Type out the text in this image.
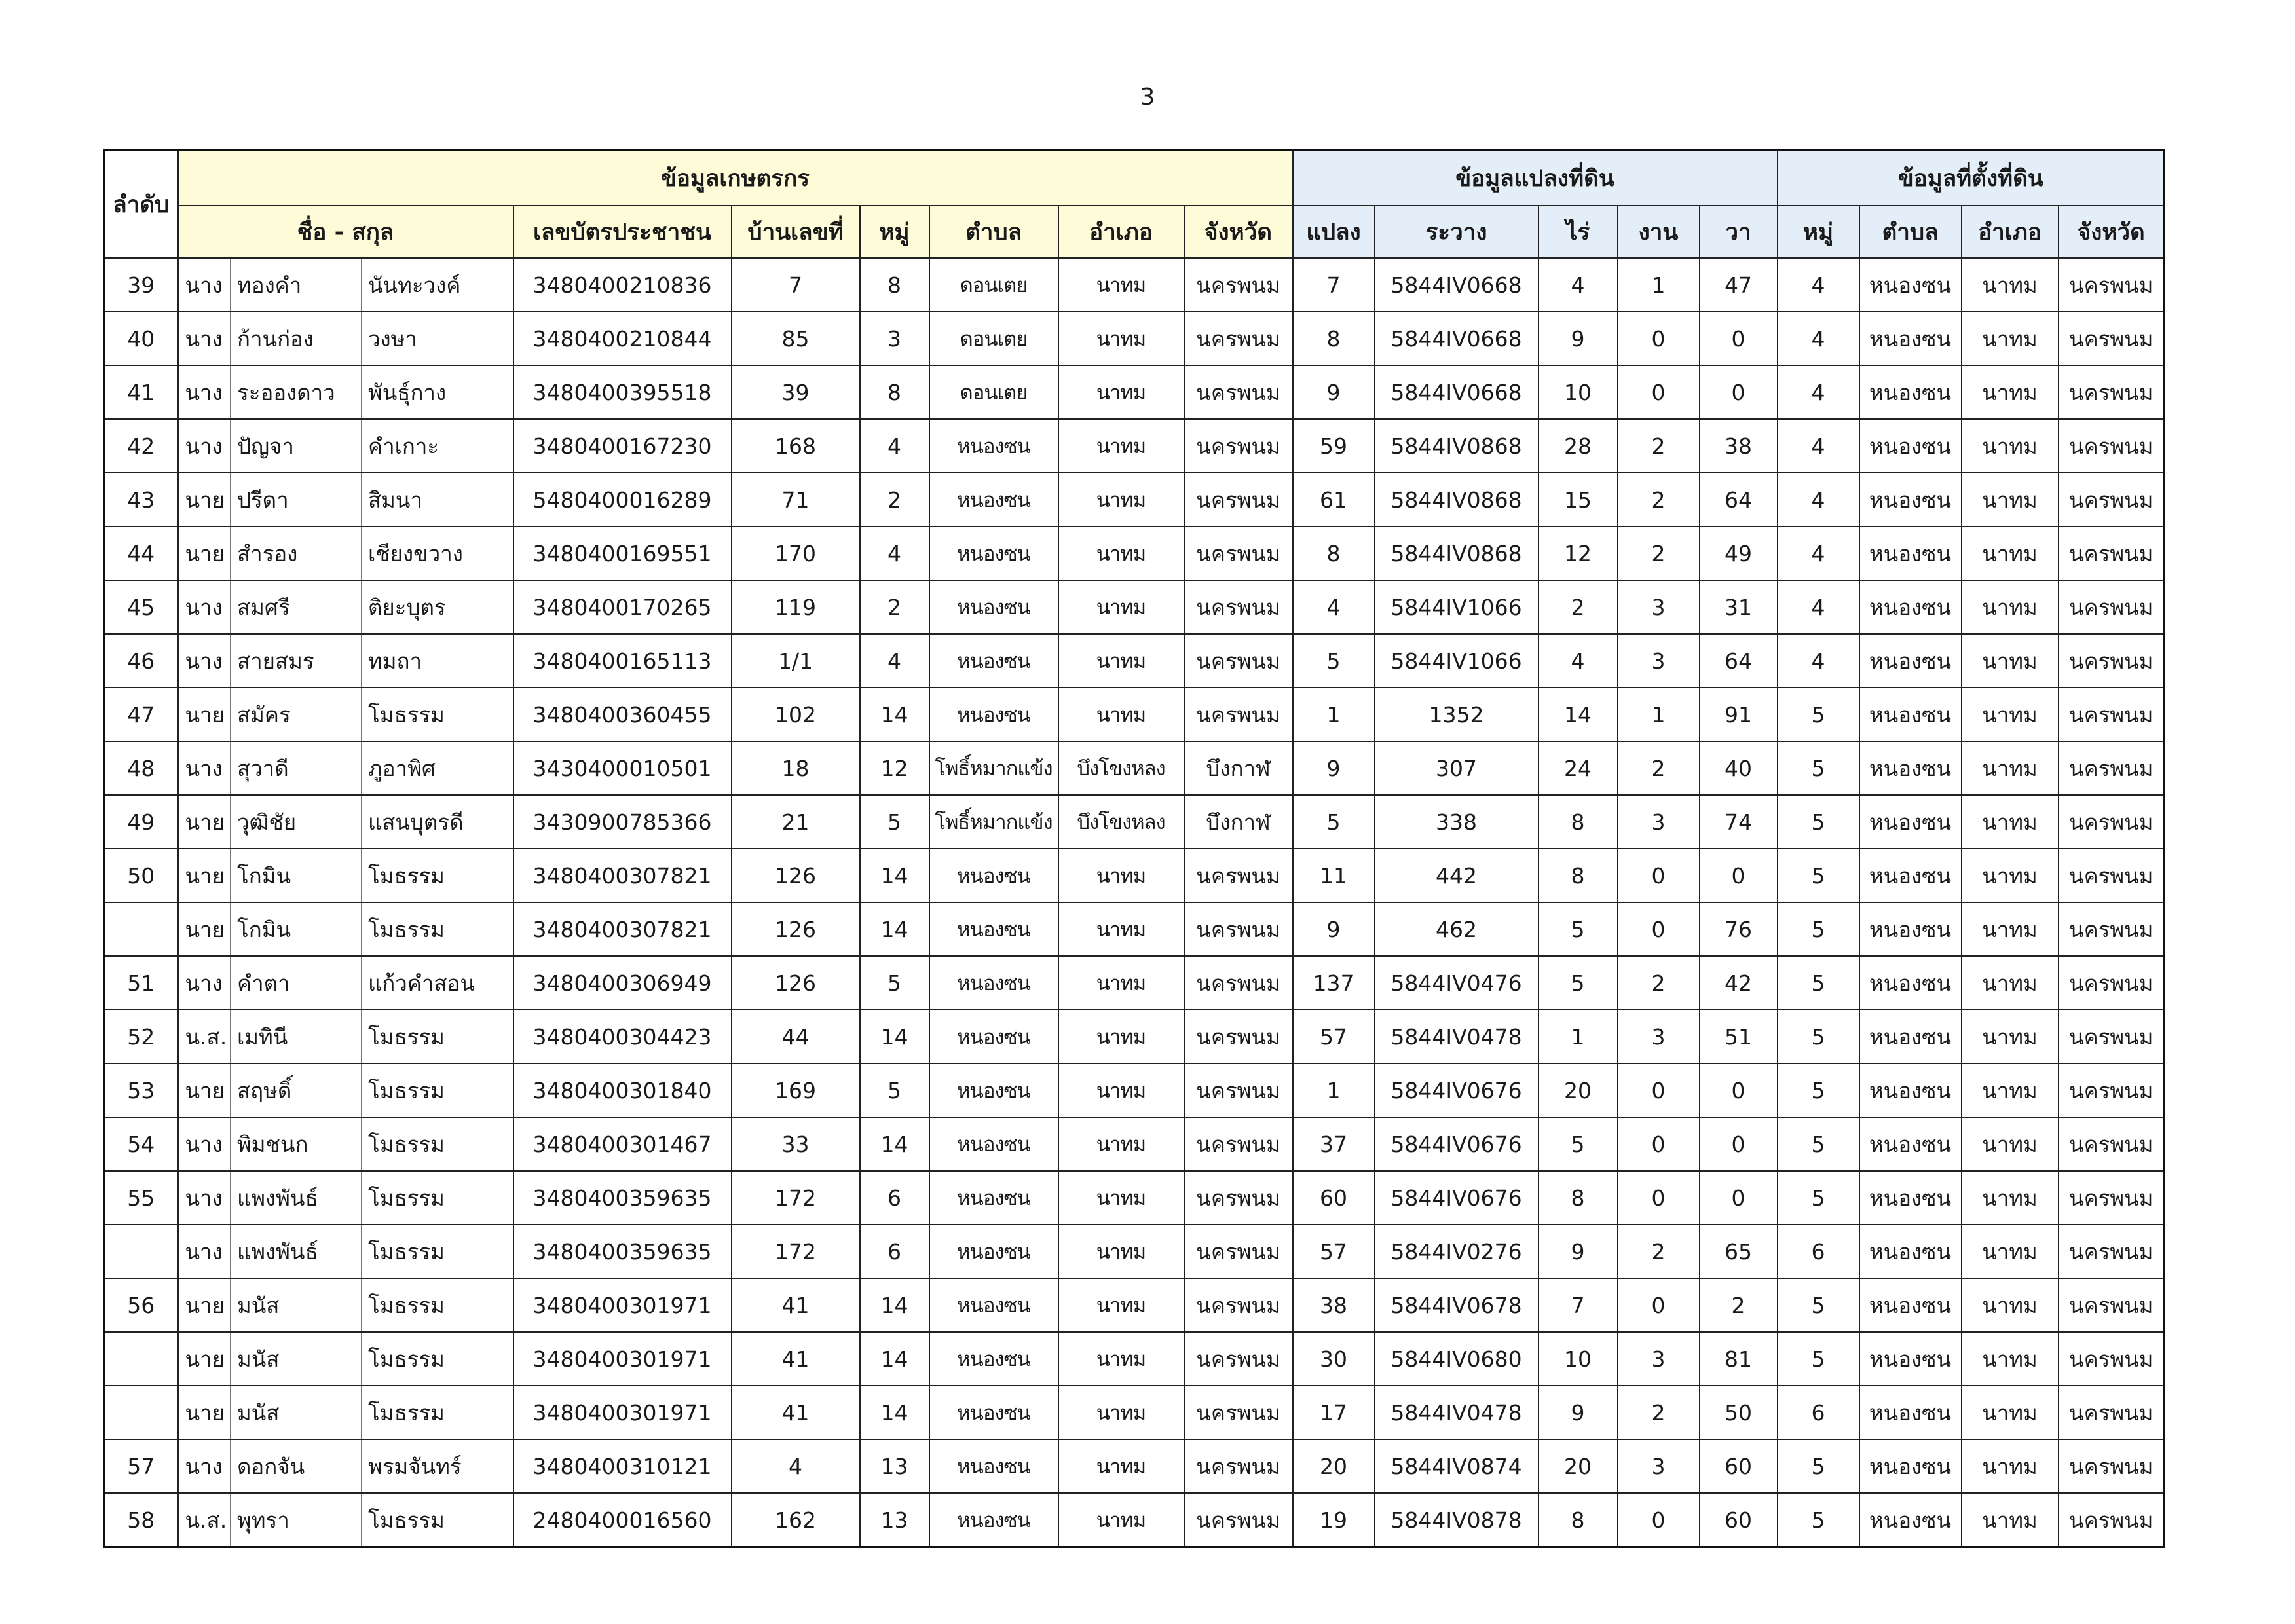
3
ลำดับ	ข้อมูลเกษตรกร									ข้อมูลแปลงที่ดิน					ข้อมูลที่ตั้งที่ดิน			
	ชื่อ - สกุล			เลขบัตรประชาชน	บ้านเลขที่	หมู่	ตำบล	อำเภอ	จังหวัด	แปลง	ระวาง	ไร่	งาน	วา	หมู่	ตำบล	อำเภอ	จังหวัด
39	นาง	ทองคำ	นันทะวงค์	3480400210836	7	8	ดอนเตย	นาทม	นครพนม	7	5844IV0668	4	1	47	4	หนองซน	นาทม	นครพนม
40	นาง	ก้านก่อง	วงษา	3480400210844	85	3	ดอนเตย	นาทม	นครพนม	8	5844IV0668	9	0	0	4	หนองซน	นาทม	นครพนม
41	นาง	ระอองดาว	พันธุ์กาง	3480400395518	39	8	ดอนเตย	นาทม	นครพนม	9	5844IV0668	10	0	0	4	หนองซน	นาทม	นครพนม
42	นาง	ปัญจา	คำเกาะ	3480400167230	168	4	หนองซน	นาทม	นครพนม	59	5844IV0868	28	2	38	4	หนองซน	นาทม	นครพนม
43	นาย	ปรีดา	สิมนา	5480400016289	71	2	หนองซน	นาทม	นครพนม	61	5844IV0868	15	2	64	4	หนองซน	นาทม	นครพนม
44	นาย	สำรอง	เชียงขวาง	3480400169551	170	4	หนองซน	นาทม	นครพนม	8	5844IV0868	12	2	49	4	หนองซน	นาทม	นครพนม
45	นาง	สมศรี	ติยะบุตร	3480400170265	119	2	หนองซน	นาทม	นครพนม	4	5844IV1066	2	3	31	4	หนองซน	นาทม	นครพนม
46	นาง	สายสมร	ทมถา	3480400165113	1/1	4	หนองซน	นาทม	นครพนม	5	5844IV1066	4	3	64	4	หนองซน	นาทม	นครพนม
47	นาย	สมัคร	โมธรรม	3480400360455	102	14	หนองซน	นาทม	นครพนม	1	1352	14	1	91	5	หนองซน	นาทม	นครพนม
48	นาง	สุวาดี	ภูอาพิศ	3430400010501	18	12	โพธิ์หมากแข้ง	บึงโขงหลง	บึงกาฬ	9	307	24	2	40	5	หนองซน	นาทม	นครพนม
49	นาย	วุฒิชัย	แสนบุตรดี	3430900785366	21	5	โพธิ์หมากแข้ง	บึงโขงหลง	บึงกาฬ	5	338	8	3	74	5	หนองซน	นาทม	นครพนม
50	นาย	โกมิน	โมธรรม	3480400307821	126	14	หนองซน	นาทม	นครพนม	11	442	8	0	0	5	หนองซน	นาทม	นครพนม
	นาย	โกมิน	โมธรรม	3480400307821	126	14	หนองซน	นาทม	นครพนม	9	462	5	0	76	5	หนองซน	นาทม	นครพนม
51	นาง	คำตา	แก้วคำสอน	3480400306949	126	5	หนองซน	นาทม	นครพนม	137	5844IV0476	5	2	42	5	หนองซน	นาทม	นครพนม
52	น.ส.	เมทินี	โมธรรม	3480400304423	44	14	หนองซน	นาทม	นครพนม	57	5844IV0478	1	3	51	5	หนองซน	นาทม	นครพนม
53	นาย	สฤษดิ์	โมธรรม	3480400301840	169	5	หนองซน	นาทม	นครพนม	1	5844IV0676	20	0	0	5	หนองซน	นาทม	นครพนม
54	นาง	พิมชนก	โมธรรม	3480400301467	33	14	หนองซน	นาทม	นครพนม	37	5844IV0676	5	0	0	5	หนองซน	นาทม	นครพนม
55	นาง	แพงพันธ์	โมธรรม	3480400359635	172	6	หนองซน	นาทม	นครพนม	60	5844IV0676	8	0	0	5	หนองซน	นาทม	นครพนม
	นาง	แพงพันธ์	โมธรรม	3480400359635	172	6	หนองซน	นาทม	นครพนม	57	5844IV0276	9	2	65	6	หนองซน	นาทม	นครพนม
56	นาย	มนัส	โมธรรม	3480400301971	41	14	หนองซน	นาทม	นครพนม	38	5844IV0678	7	0	2	5	หนองซน	นาทม	นครพนม
	นาย	มนัส	โมธรรม	3480400301971	41	14	หนองซน	นาทม	นครพนม	30	5844IV0680	10	3	81	5	หนองซน	นาทม	นครพนม
	นาย	มนัส	โมธรรม	3480400301971	41	14	หนองซน	นาทม	นครพนม	17	5844IV0478	9	2	50	6	หนองซน	นาทม	นครพนม
57	นาง	ดอกจัน	พรมจันทร์	3480400310121	4	13	หนองซน	นาทม	นครพนม	20	5844IV0874	20	3	60	5	หนองซน	นาทม	นครพนม
58	น.ส.	พุทรา	โมธรรม	2480400016560	162	13	หนองซน	นาทม	นครพนม	19	5844IV0878	8	0	60	5	หนองซน	นาทม	นครพนม
